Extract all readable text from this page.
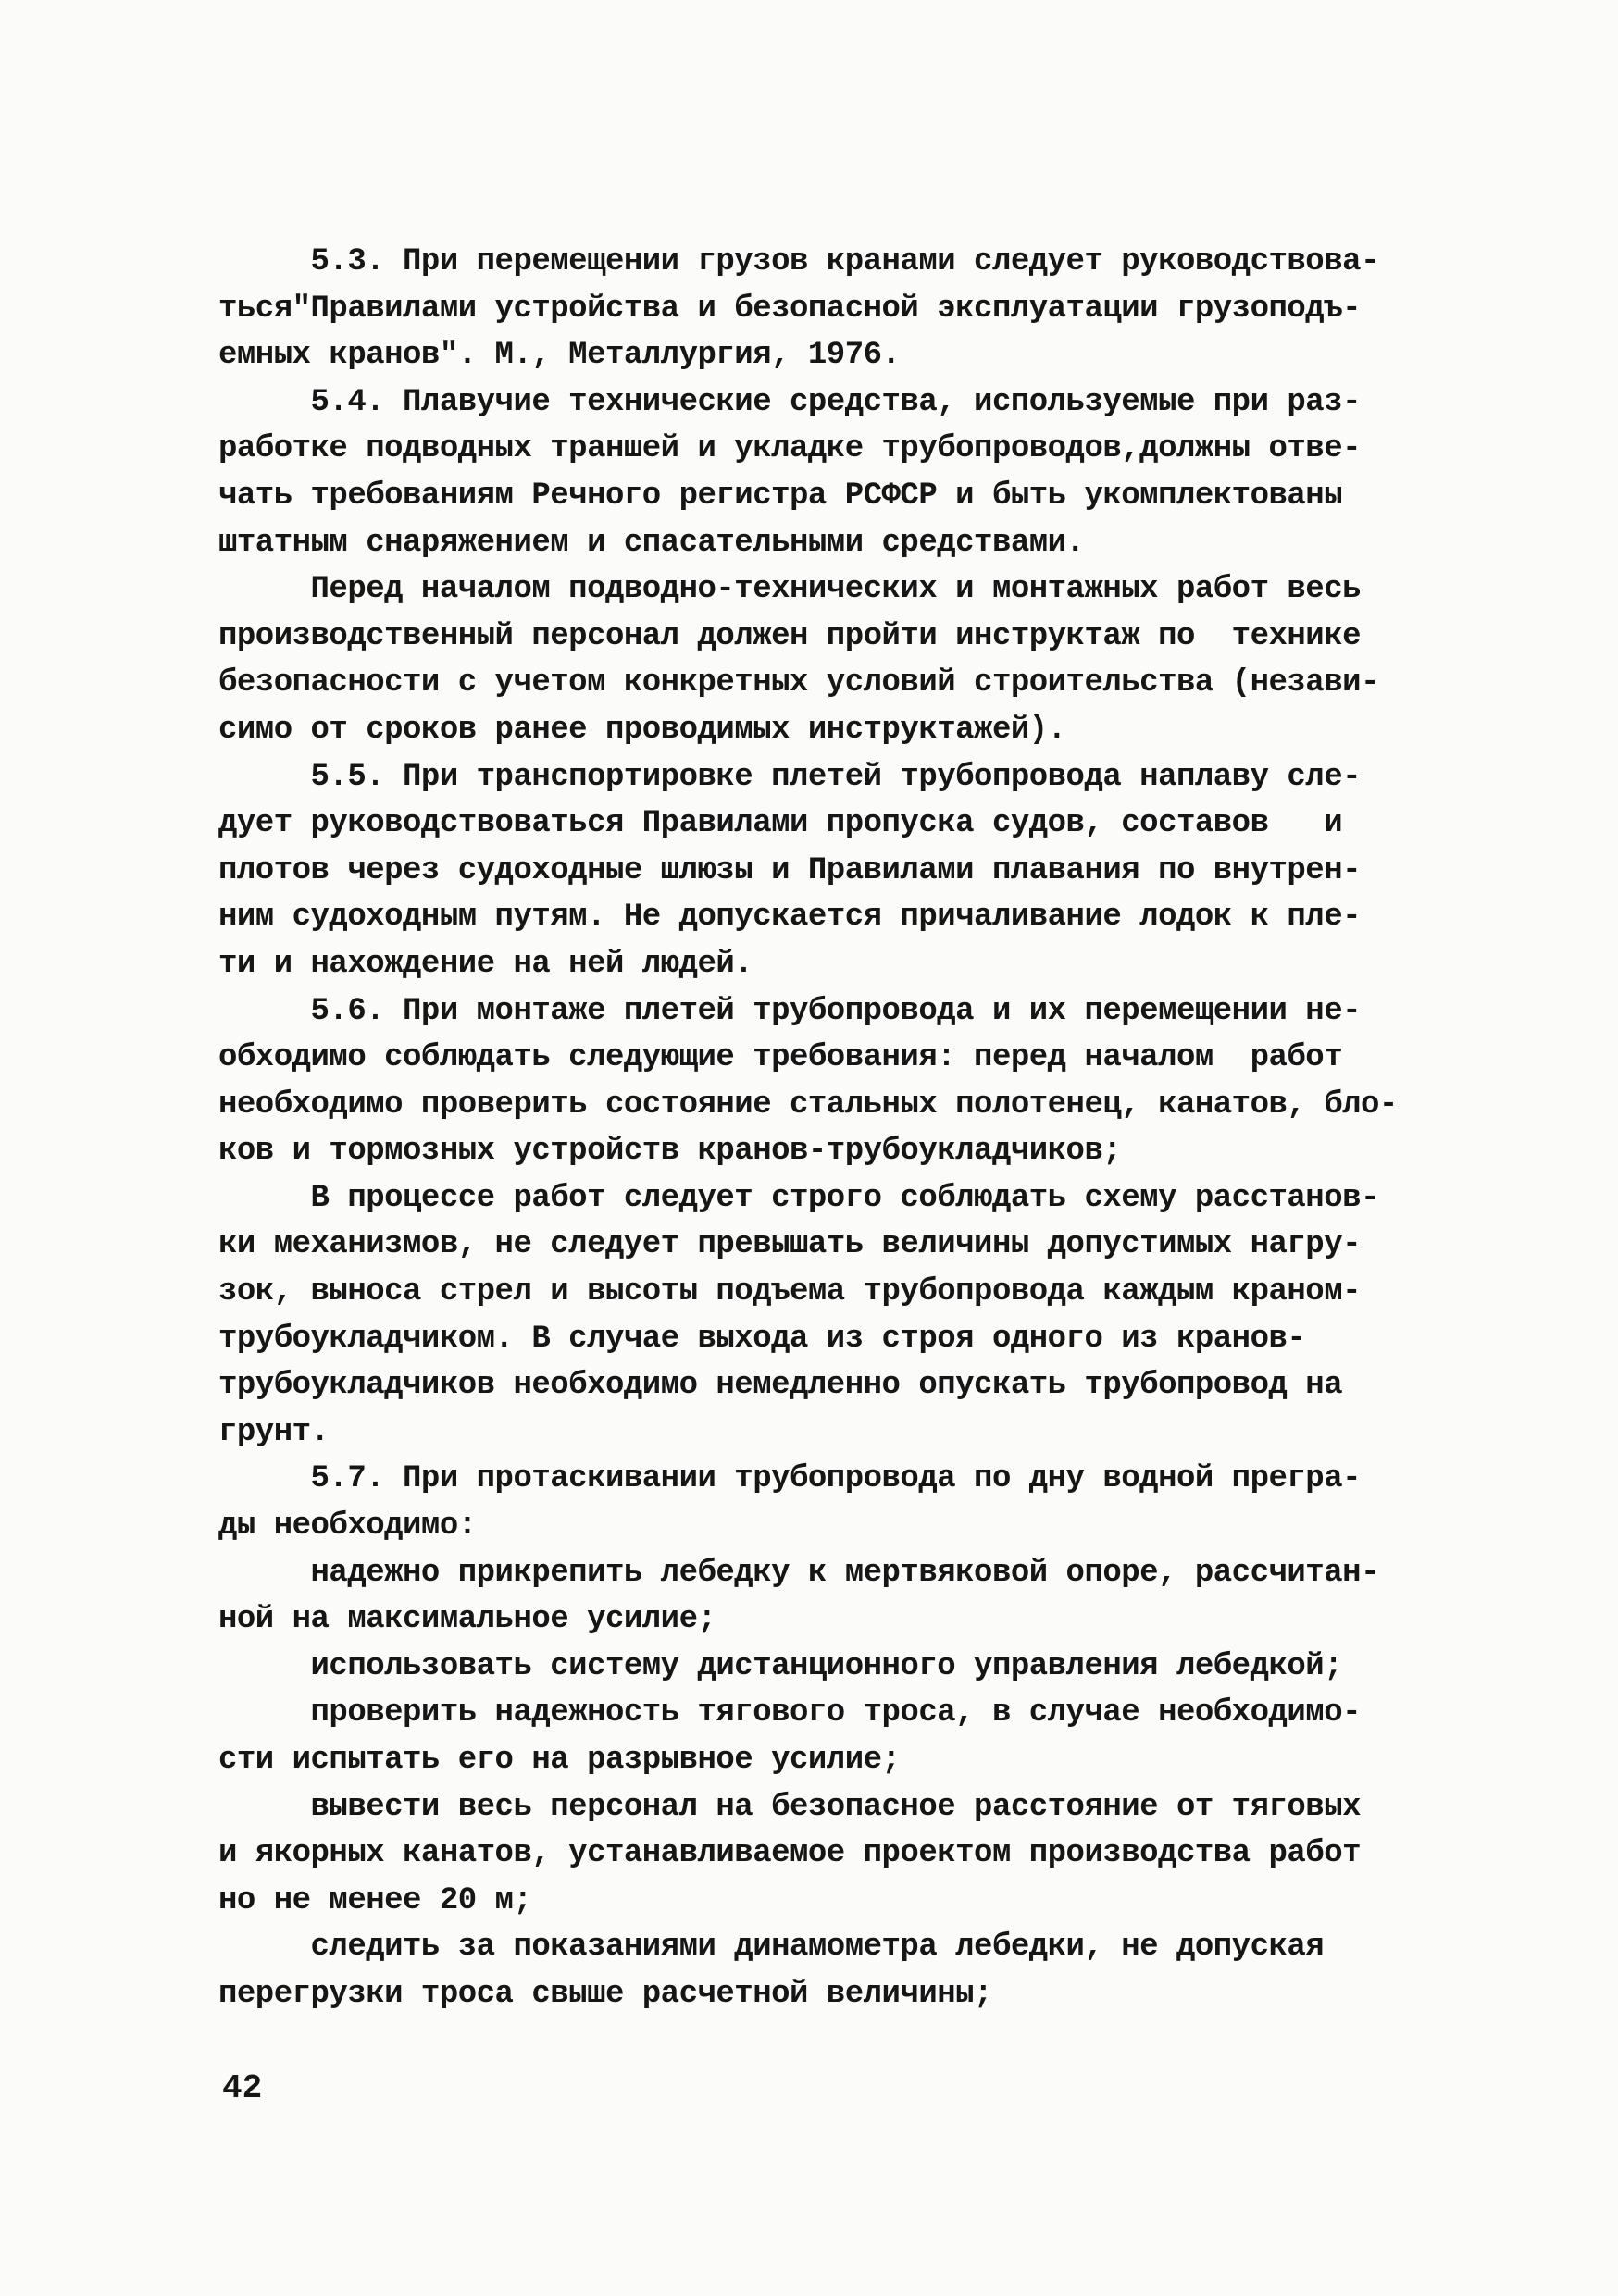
5.3. При перемещении грузов кранами следует руководствова-
ться"Правилами устройства и безопасной эксплуатации грузоподъ-
емных кранов". М., Металлургия, 1976.
5.4. Плавучие технические средства, используемые при раз-
работке подводных траншей и укладке трубопроводов,должны отве-
чать требованиям Речного регистра РСФСР и быть укомплектованы
штатным снаряжением и спасательными средствами.
Перед началом подводно-технических и монтажных работ весь
производственный персонал должен пройти инструктаж по  технике
безопасности с учетом конкретных условий строительства (незави-
симо от сроков ранее проводимых инструктажей).
5.5. При транспортировке плетей трубопровода наплаву сле-
дует руководствоваться Правилами пропуска судов, составов   и
плотов через судоходные шлюзы и Правилами плавания по внутрен-
ним судоходным путям. Не допускается причаливание лодок к пле-
ти и нахождение на ней людей.
5.6. При монтаже плетей трубопровода и их перемещении не-
обходимо соблюдать следующие требования: перед началом  работ
необходимо проверить состояние стальных полотенец, канатов, бло-
ков и тормозных устройств кранов-трубоукладчиков;
В процессе работ следует строго соблюдать схему расстанов-
ки механизмов, не следует превышать величины допустимых нагру-
зок, выноса стрел и высоты подъема трубопровода каждым краном-
трубоукладчиком. В случае выхода из строя одного из кранов-
трубоукладчиков необходимо немедленно опускать трубопровод на
грунт.
5.7. При протаскивании трубопровода по дну водной прегра-
ды необходимо:
надежно прикрепить лебедку к мертвяковой опоре, рассчитан-
ной на максимальное усилие;
использовать систему дистанционного управления лебедкой;
проверить надежность тягового троса, в случае необходимо-
сти испытать его на разрывное усилие;
вывести весь персонал на безопасное расстояние от тяговых
и якорных канатов, устанавливаемое проектом производства работ
но не менее 20 м;
следить за показаниями динамометра лебедки, не допуская
перегрузки троса свыше расчетной величины;
42
